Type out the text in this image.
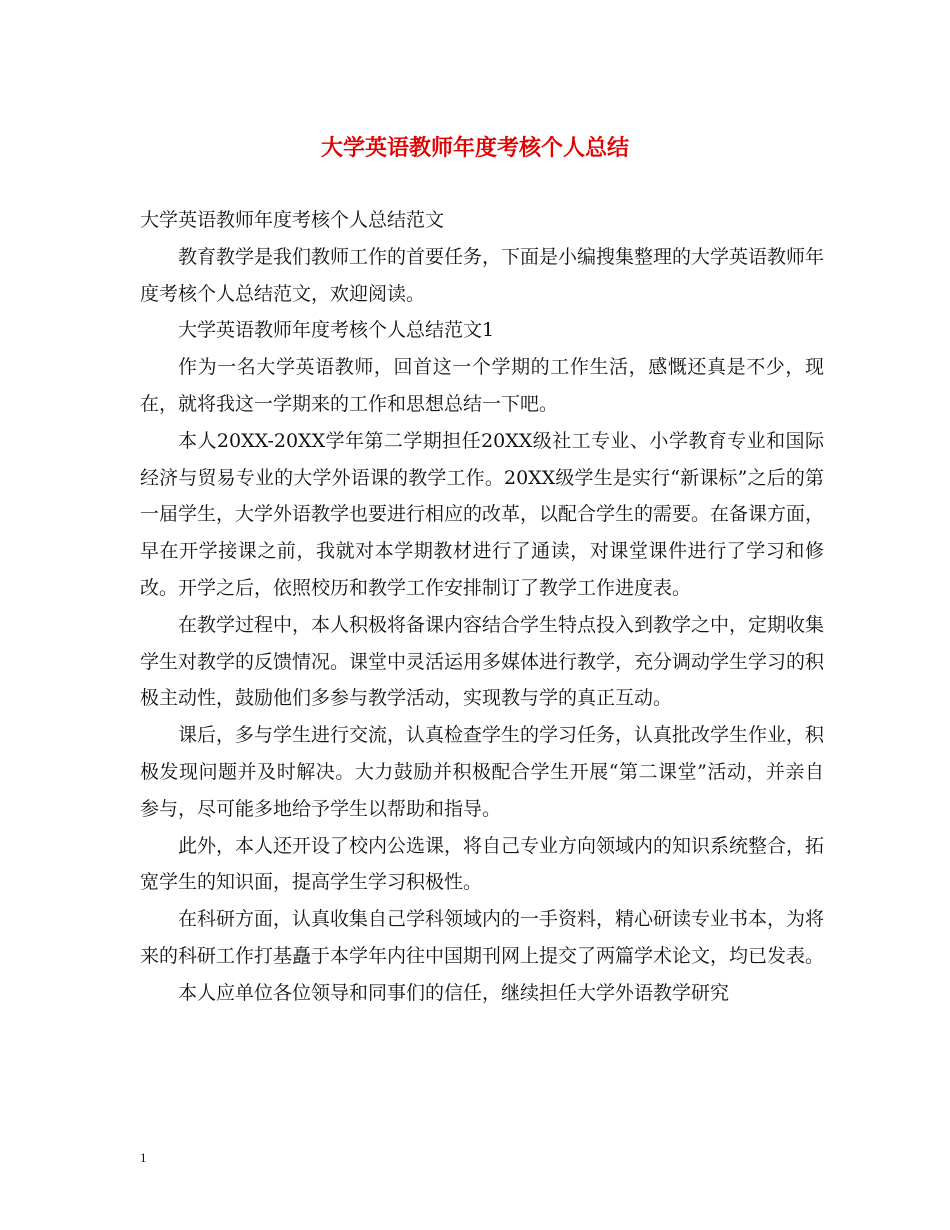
大学英语教师年度考核个人总结

大学英语教师年度考核个人总结范文

教育教学是我们教师工作的首要任务，下面是小编搜集整理的大学英语教师年度考核个人总结范文，欢迎阅读。

大学英语教师年度考核个人总结范文1

作为一名大学英语教师，回首这一个学期的工作生活，感慨还真是不少，现在，就将我这一学期来的工作和思想总结一下吧。

本人20XX-20XX学年第二学期担任20XX级社工专业、小学教育专业和国际经济与贸易专业的大学外语课的教学工作。20XX级学生是实行“新课标”之后的第一届学生，大学外语教学也要进行相应的改革，以配合学生的需要。在备课方面，早在开学接课之前，我就对本学期教材进行了通读，对课堂课件进行了学习和修改。开学之后，依照校历和教学工作安排制订了教学工作进度表。

在教学过程中，本人积极将备课内容结合学生特点投入到教学之中，定期收集学生对教学的反馈情况。课堂中灵活运用多媒体进行教学，充分调动学生学习的积极主动性，鼓励他们多参与教学活动，实现教与学的真正互动。

课后，多与学生进行交流，认真检查学生的学习任务，认真批改学生作业，积极发现问题并及时解决。大力鼓励并积极配合学生开展“第二课堂”活动，并亲自参与，尽可能多地给予学生以帮助和指导。

此外，本人还开设了校内公选课，将自己专业方向领域内的知识系统整合，拓宽学生的知识面，提高学生学习积极性。

在科研方面，认真收集自己学科领域内的一手资料，精心研读专业书本，为将来的科研工作打基矗于本学年内往中国期刊网上提交了两篇学术论文，均已发表。

本人应单位各位领导和同事们的信任，继续担任大学外语教学研究

1
